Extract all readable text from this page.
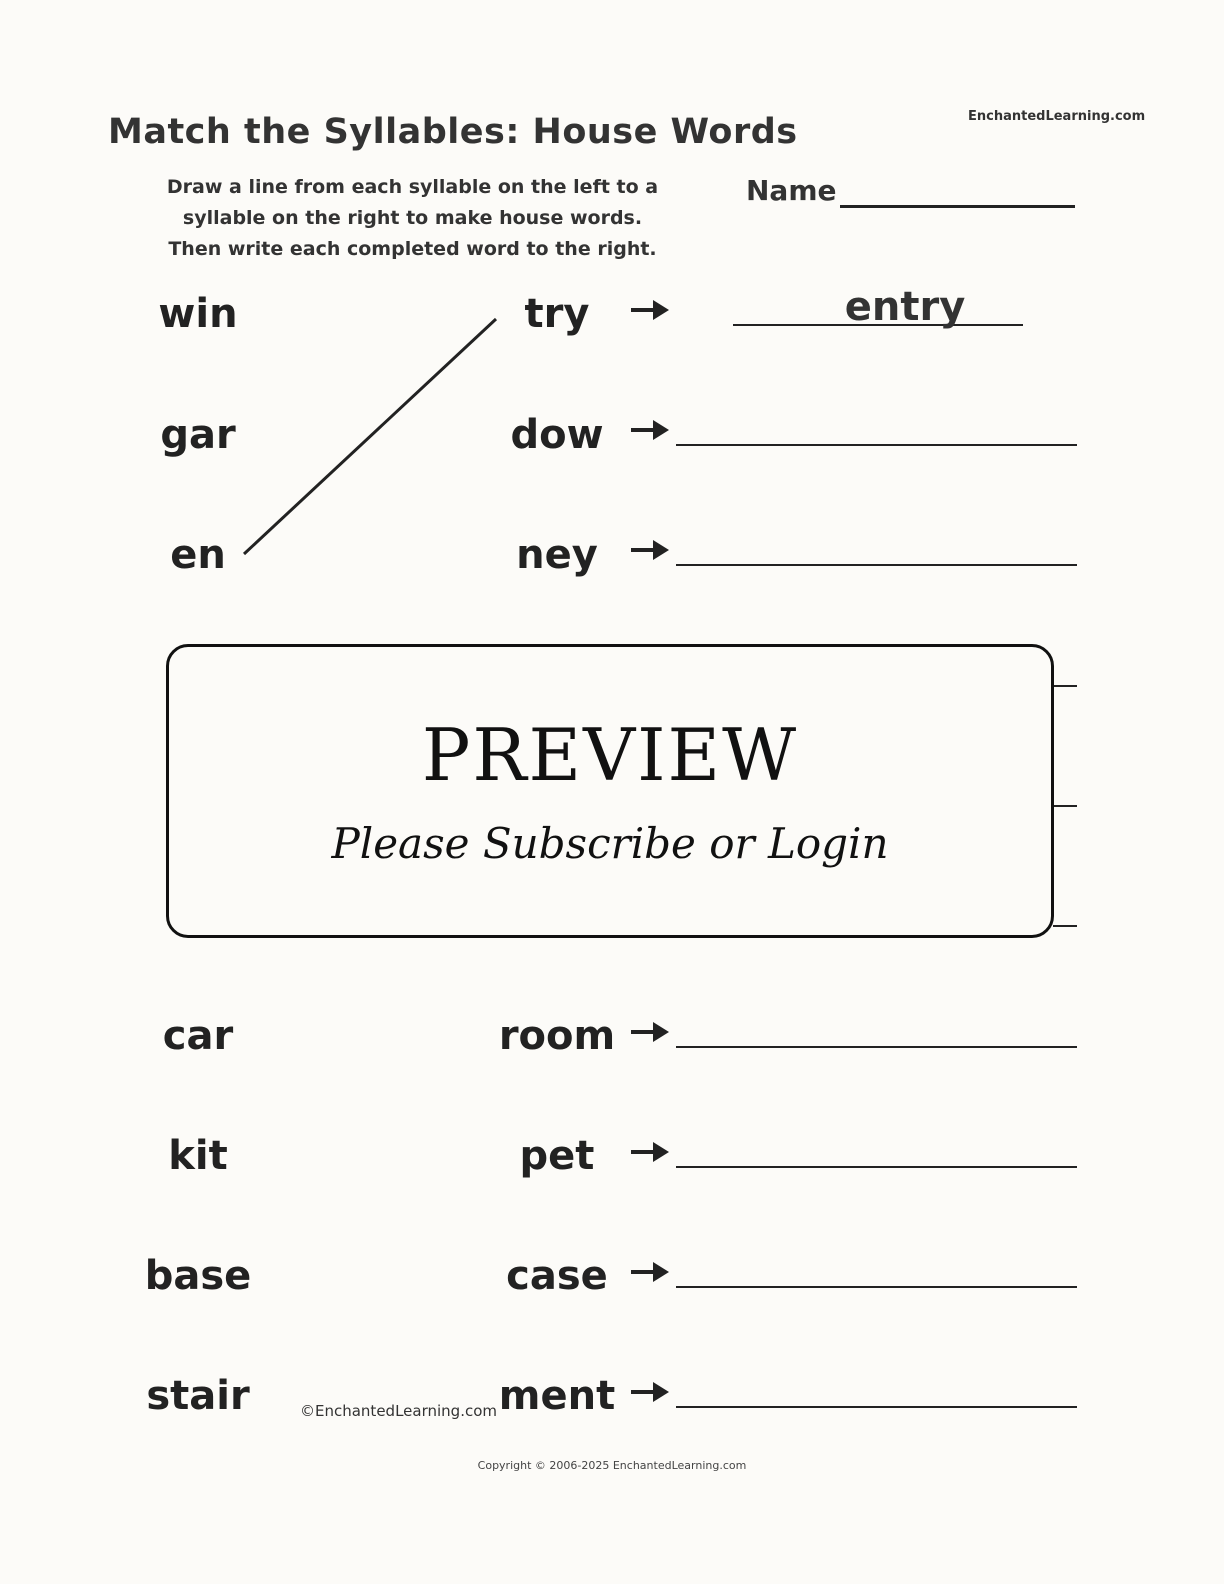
Match the Syllables: House Words	EnchantedLearning.com
Draw a line from each syllable on the left to a
syllable on the right to make house words.
Then write each completed word to the right.
Name
win	try	entry
gar	dow
en	ney
PREVIEW
Please Subscribe or Login
car	room
kit	pet
base	case
stair	ment
©EnchantedLearning.com
Copyright © 2006-2025 EnchantedLearning.com
